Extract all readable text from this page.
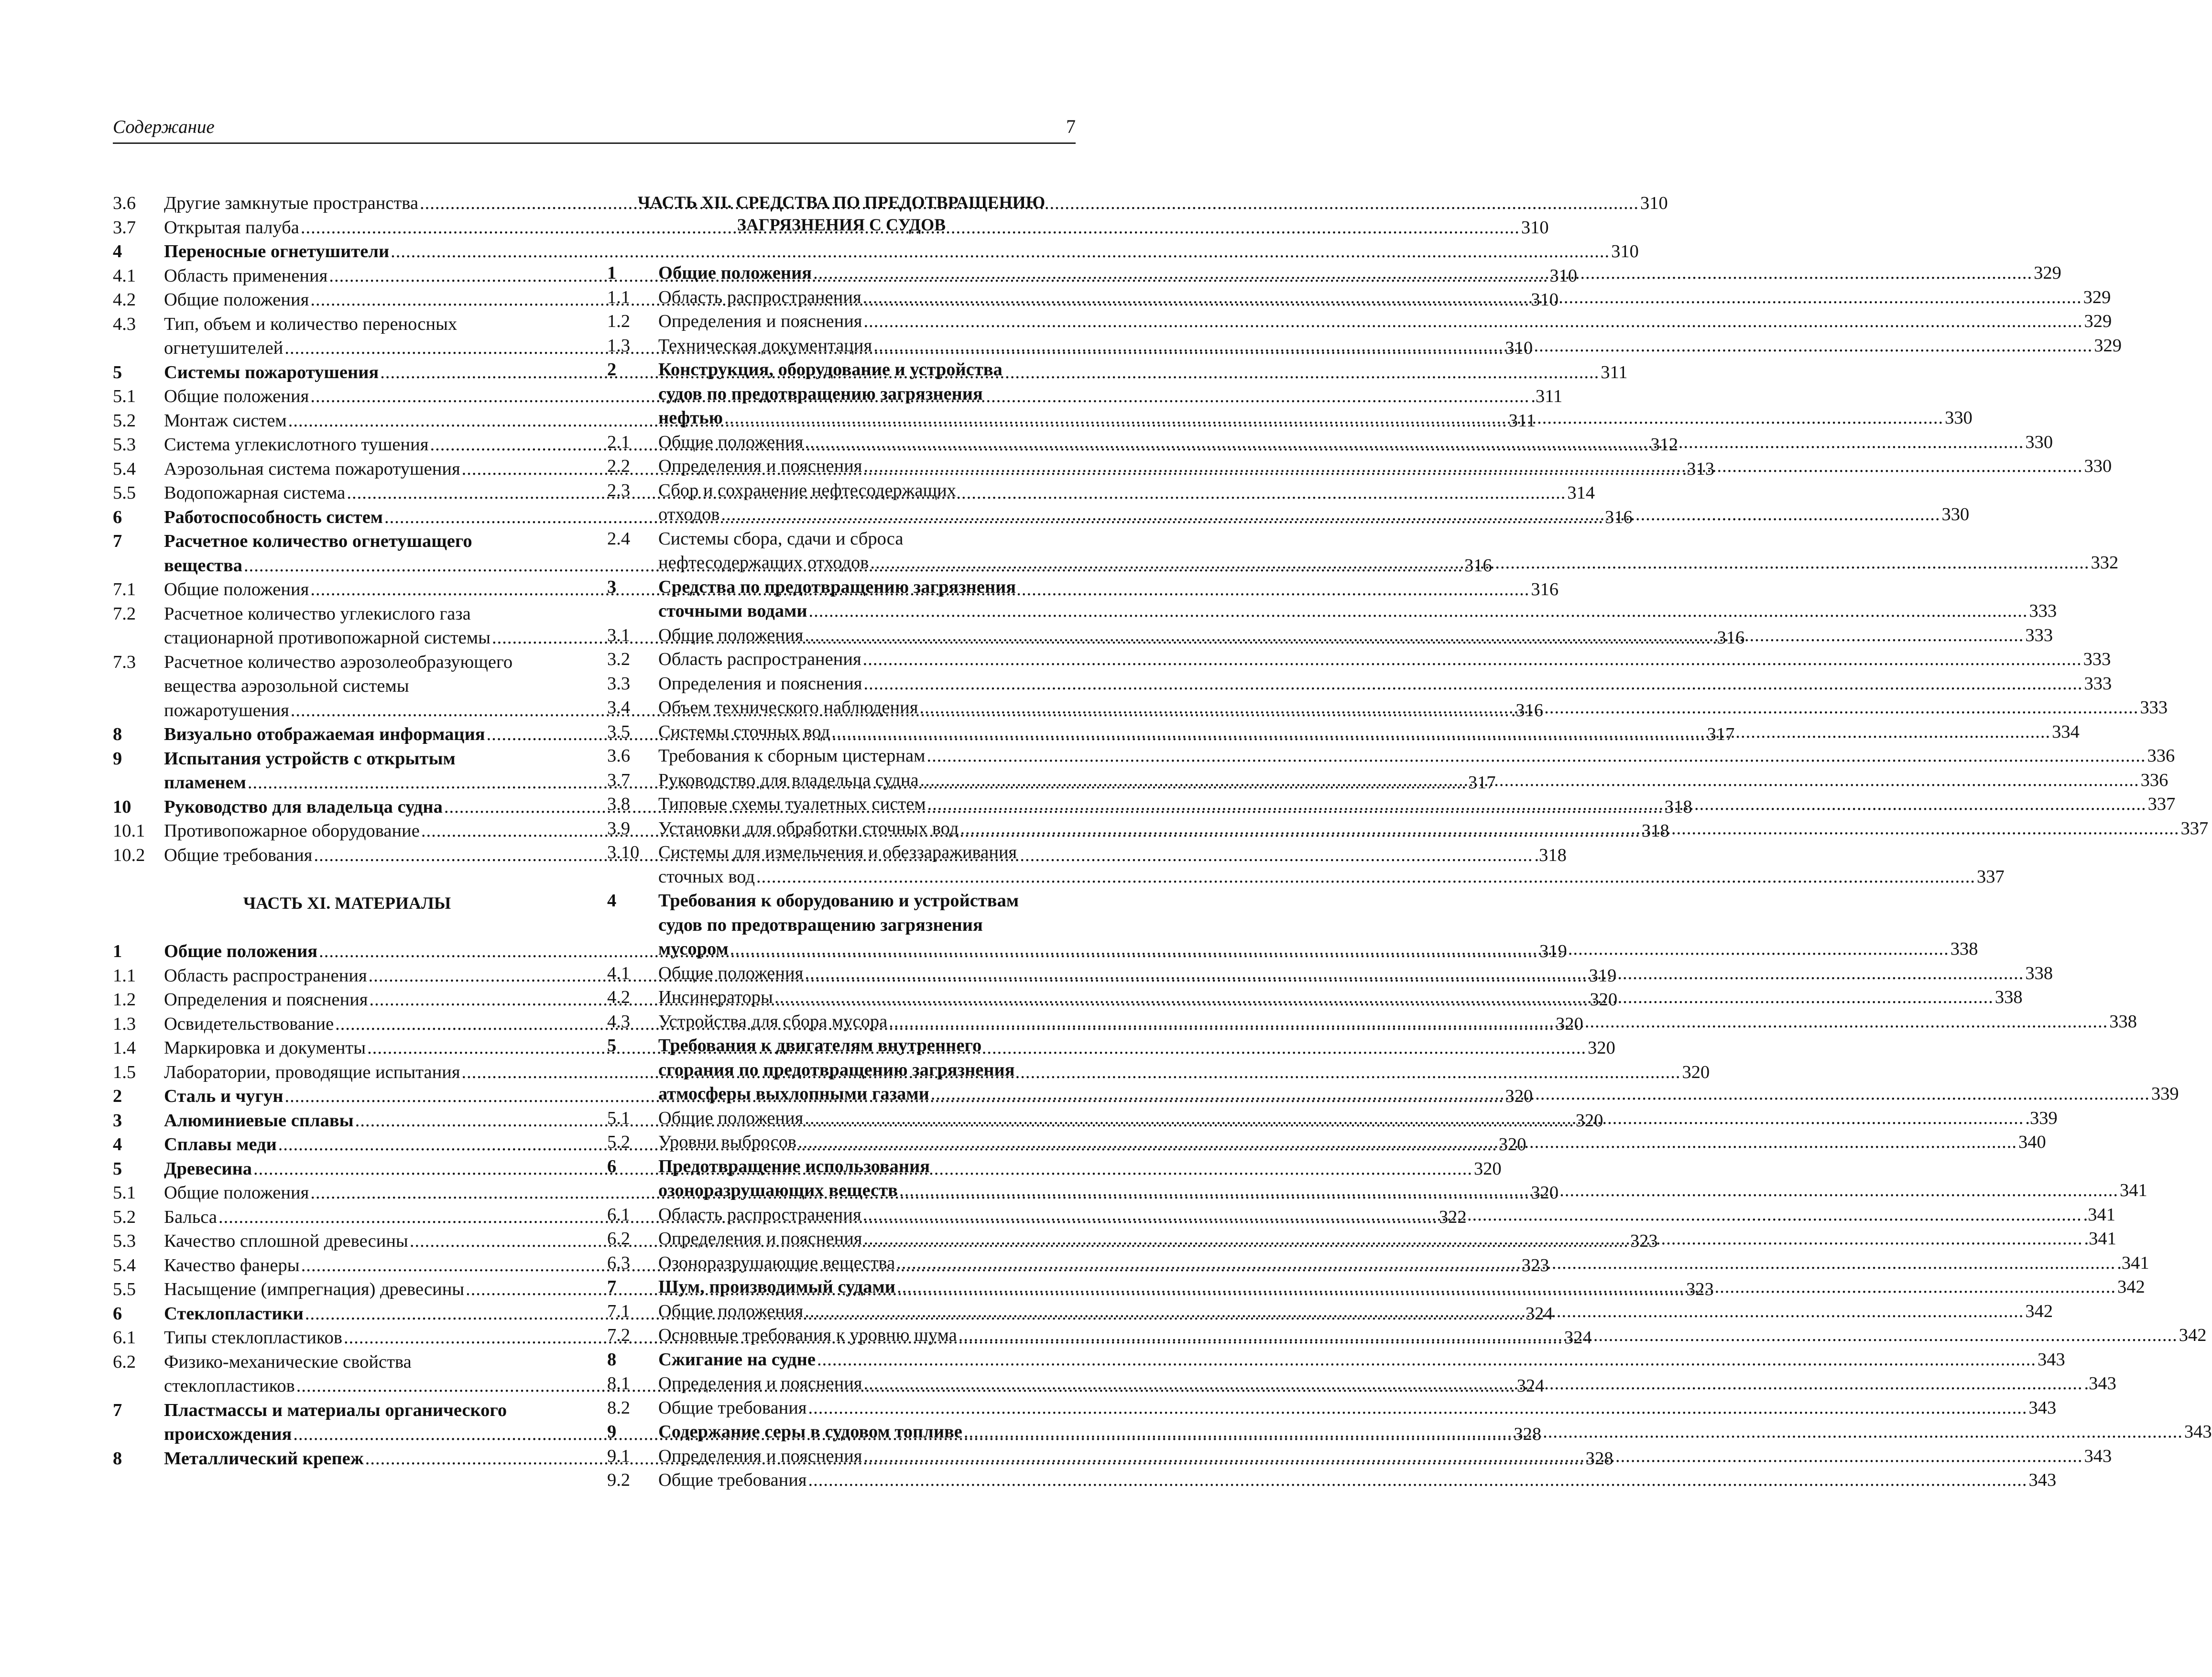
Содержание	7
3.6	Другие замкнутые пространства .....	310
3.7	Открытая палуба .....	310
4	Переносные огнетушители .....	310
4.1	Область применения .....	310
4.2	Общие положения .....	310
4.3	Тип, объем и количество переносных
огнетушителей .....	310
5	Системы пожаротушения .....	311
5.1	Общие положения .....	.311
5.2	Монтаж систем .....	311
5.3	Система углекислотного тушения .....	312
5.4	Аэрозольная система пожаротушения .....	.313
5.5	Водопожарная система .....	314
6	Работоспособность систем .....	316
7	Расчетное количество огнетушащего
вещества .....	316
7.1	Общие положения .....	316
7.2	Расчетное количество углекислого газа
стационарной противопожарной системы .....	.316
7.3	Расчетное количество аэрозолеобразующего
вещества аэрозольной системы
пожаротушения .....	.316
8	Визуально отображаемая информация .....	317
9	Испытания устройств с открытым
пламенем .....	317
10	Руководство для владельца судна .....	318
10.1	Противопожарное оборудование .....	318
10.2	Общие требования .....	.318
ЧАСТЬ XI. МАТЕРИАЛЫ
1	Общие положения .....	319
1.1	Область распространения .....	319
1.2	Определения и пояснения .....	320
1.3	Освидетельствование .....	320
1.4	Маркировка и документы .....	320
1.5	Лаборатории, проводящие испытания .....	320
2	Сталь и чугун .....	320
3	Алюминиевые сплавы .....	320
4	Сплавы меди .....	320
5	Древесина .....	320
5.1	Общие положения .....	320
5.2	Бальса .....	322
5.3	Качество сплошной древесины .....	323
5.4	Качество фанеры .....	323
5.5	Насыщение (импрегнация) древесины .....	323
6	Стеклопластики .....	324
6.1	Типы стеклопластиков .....	324
6.2	Физико-механические свойства
стеклопластиков .....	324
7	Пластмассы и материалы органического
происхождения .....	328
8	Металлический крепеж .....	328
ЧАСТЬ XII. СРЕДСТВА ПО ПРЕДОТВРАЩЕНИЮ
ЗАГРЯЗНЕНИЯ С СУДОВ
1	Общие положения .....	329
1.1	Область распространения .....	329
1.2	Определения и пояснения .....	329
1.3	Техническая документация .....	329
2	Конструкция, оборудование и устройства
судов по предотвращению загрязнения
нефтью .....	330
2.1	Общие положения .....	330
2.2	Определения и пояснения .....	330
2.3	Сбор и сохранение нефтесодержащих
отходов .....	330
2.4	Системы сбора, сдачи и сброса
нефтесодержащих отходов .....	332
3	Средства по предотвращению загрязнения
сточными водами .....	333
3.1	Общие положения .....	333
3.2	Область распространения .....	333
3.3	Определения и пояснения .....	333
3.4	Объем технического наблюдения .....	333
3.5	Системы сточных вод .....	334
3.6	Требования к сборным цистернам .....	336
3.7	Руководство для владельца судна .....	336
3.8	Типовые схемы туалетных систем .....	337
3.9	Установки для обработки сточных вод .....	337
3.10	Системы для измельчения и обеззараживания
сточных вод .....	337
4	Требования к оборудованию и устройствам
судов по предотвращению загрязнения
мусором .....	338
4.1	Общие положения .....	338
4.2	Инсинераторы .....	338
4.3	Устройства для сбора мусора .....	338
5	Требования к двигателям внутреннего
сгорания по предотвращению загрязнения
атмосферы выхлопными газами .....	339
5.1	Общие положения .....	.339
5.2	Уровни выбросов .....	340
6	Предотвращение использования
озоноразрушающих веществ .....	341
6.1	Область распространения .....	.341
6.2	Определения и пояснения .....	.341
6.3	Озоноразрушающие вещества .....	.341
7	Шум, производимый судами .....	342
7.1	Общие положения .....	342
7.2	Основные требования к уровню шума .....	342
8	Сжигание на судне .....	343
8.1	Определения и пояснения .....	.343
8.2	Общие требования .....	343
9	Содержание серы в судовом топливе .....	343
9.1	Определения и пояснения .....	343
9.2	Общие требования .....	343
